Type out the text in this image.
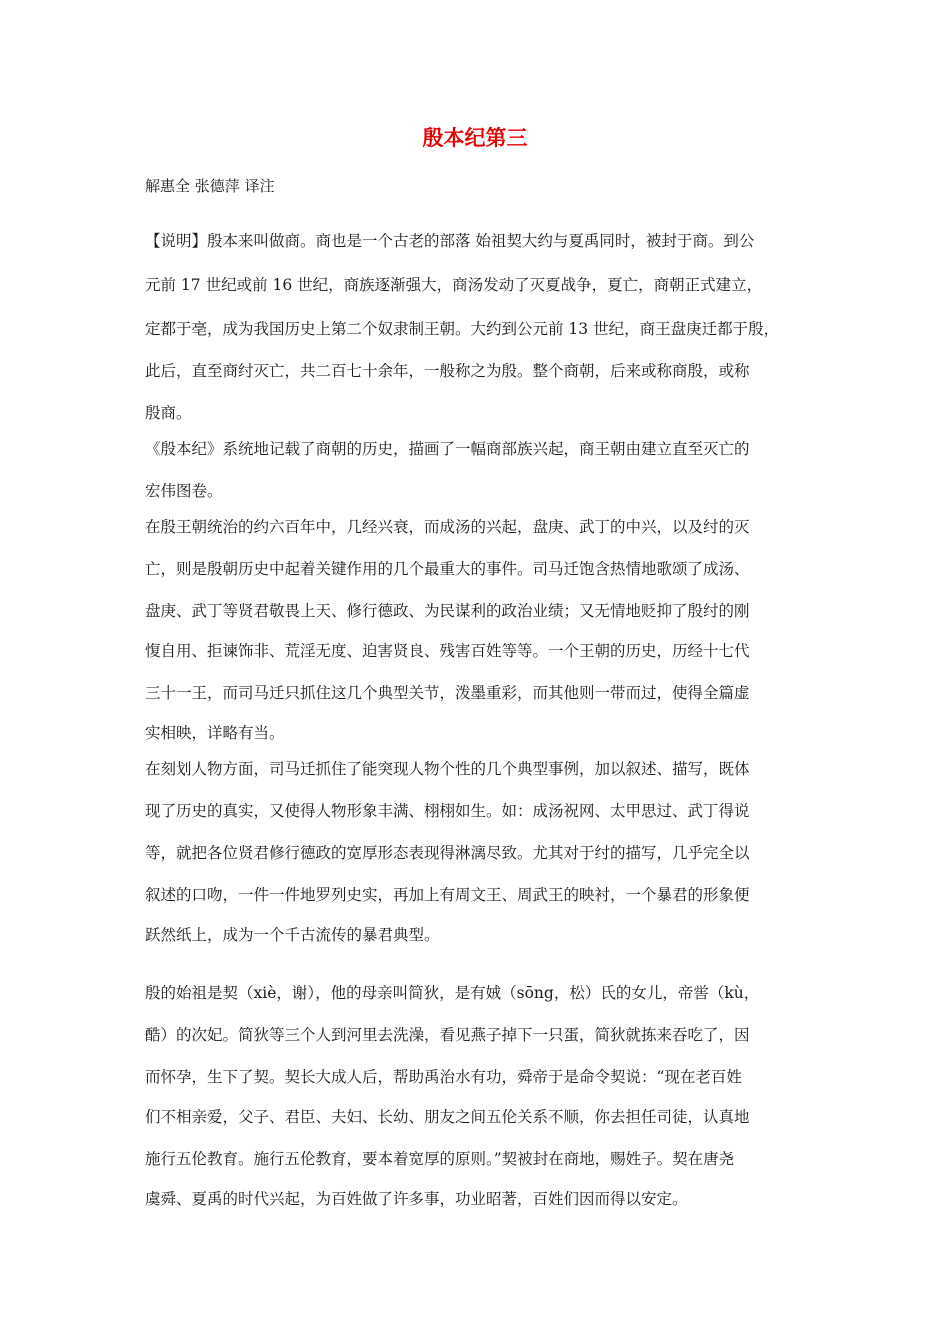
殷本纪第三
解惠全 张德萍 译注
【说明】殷本来叫做商。商也是一个古老的部落 始祖契大约与夏禹同时，被封于商。到公
元前 17 世纪或前 16 世纪，商族逐渐强大，商汤发动了灭夏战争，夏亡，商朝正式建立，
定都于亳，成为我国历史上第二个奴隶制王朝。大约到公元前 13 世纪，商王盘庚迁都于殷，
此后，直至商纣灭亡，共二百七十余年，一般称之为殷。整个商朝，后来或称商殷，或称
殷商。
《殷本纪》系统地记载了商朝的历史，描画了一幅商部族兴起，商王朝由建立直至灭亡的
宏伟图卷。
在殷王朝统治的约六百年中，几经兴衰，而成汤的兴起，盘庚、武丁的中兴，以及纣的灭
亡，则是殷朝历史中起着关键作用的几个最重大的事件。司马迁饱含热情地歌颂了成汤、
盘庚、武丁等贤君敬畏上天、修行德政、为民谋利的政治业绩；又无情地贬抑了殷纣的刚
愎自用、拒谏饰非、荒淫无度、迫害贤良、残害百姓等等。一个王朝的历史，历经十七代
三十一王，而司马迁只抓住这几个典型关节，泼墨重彩，而其他则一带而过，使得全篇虚
实相映，详略有当。
在刻划人物方面，司马迁抓住了能突现人物个性的几个典型事例，加以叙述、描写，既体
现了历史的真实，又使得人物形象丰满、栩栩如生。如：成汤祝网、太甲思过、武丁得说
等，就把各位贤君修行德政的宽厚形态表现得淋漓尽致。尤其对于纣的描写，几乎完全以
叙述的口吻，一件一件地罗列史实，再加上有周文王、周武王的映衬，一个暴君的形象便
跃然纸上，成为一个千古流传的暴君典型。
殷的始祖是契（xiè，谢），他的母亲叫简狄，是有娀（sōng，松）氏的女儿，帝喾（kù，
酷）的次妃。简狄等三个人到河里去洗澡，看见燕子掉下一只蛋，简狄就拣来吞吃了，因
而怀孕，生下了契。契长大成人后，帮助禹治水有功，舜帝于是命令契说：“现在老百姓
们不相亲爱，父子、君臣、夫妇、长幼、朋友之间五伦关系不顺，你去担任司徒，认真地
施行五伦教育。施行五伦教育，要本着宽厚的原则。”契被封在商地，赐姓子。契在唐尧
虞舜、夏禹的时代兴起，为百姓做了许多事，功业昭著，百姓们因而得以安定。
